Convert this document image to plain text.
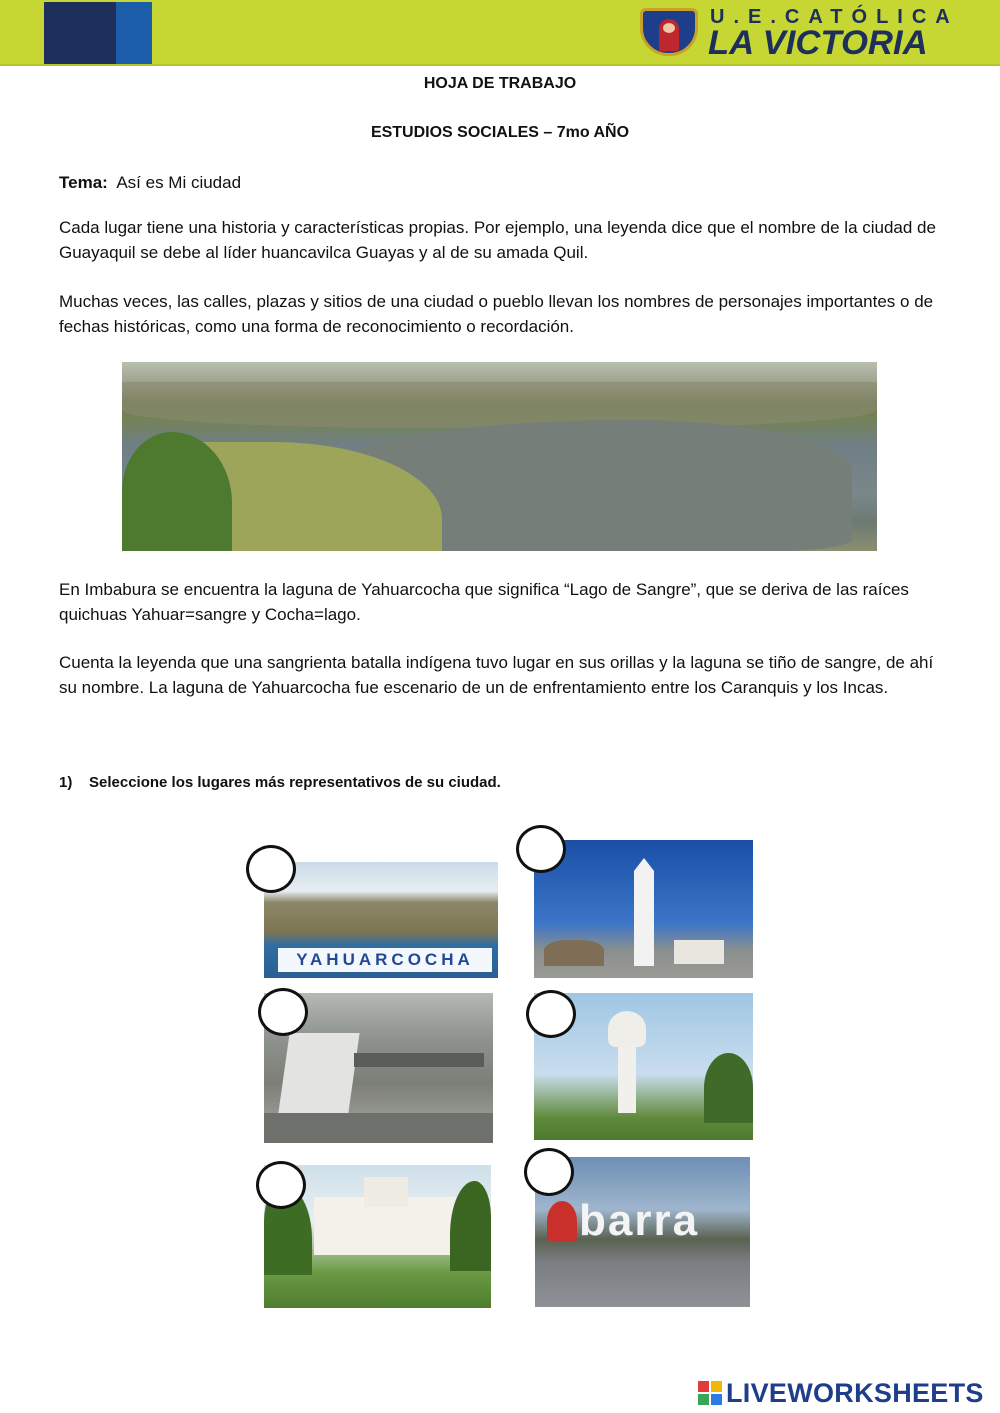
U.E.CATÓLICA
LA VICTORIA
HOJA DE TRABAJO
ESTUDIOS SOCIALES – 7mo AÑO
Tema: Así es Mi ciudad
Cada lugar tiene una historia y características propias. Por ejemplo, una leyenda dice que el nombre de la ciudad de Guayaquil se debe al líder huancavilca Guayas y al de su amada Quil.
Muchas veces, las calles, plazas y sitios de una ciudad o pueblo llevan los nombres de personajes importantes o de fechas históricas, como una forma de reconocimiento o recordación.
En Imbabura se encuentra la laguna de Yahuarcocha que significa “Lago de Sangre”, que se deriva de las raíces quichuas Yahuar=sangre y Cocha=lago.
Cuenta la leyenda que una sangrienta batalla indígena tuvo lugar en sus orillas y la laguna se tiño de sangre, de ahí su nombre. La laguna de Yahuarcocha fue escenario de un de enfrentamiento entre los Caranquis y los Incas.
1) Seleccione los lugares más representativos de su ciudad.
YAHUARCOCHA
barra
LIVEWORKSHEETS
